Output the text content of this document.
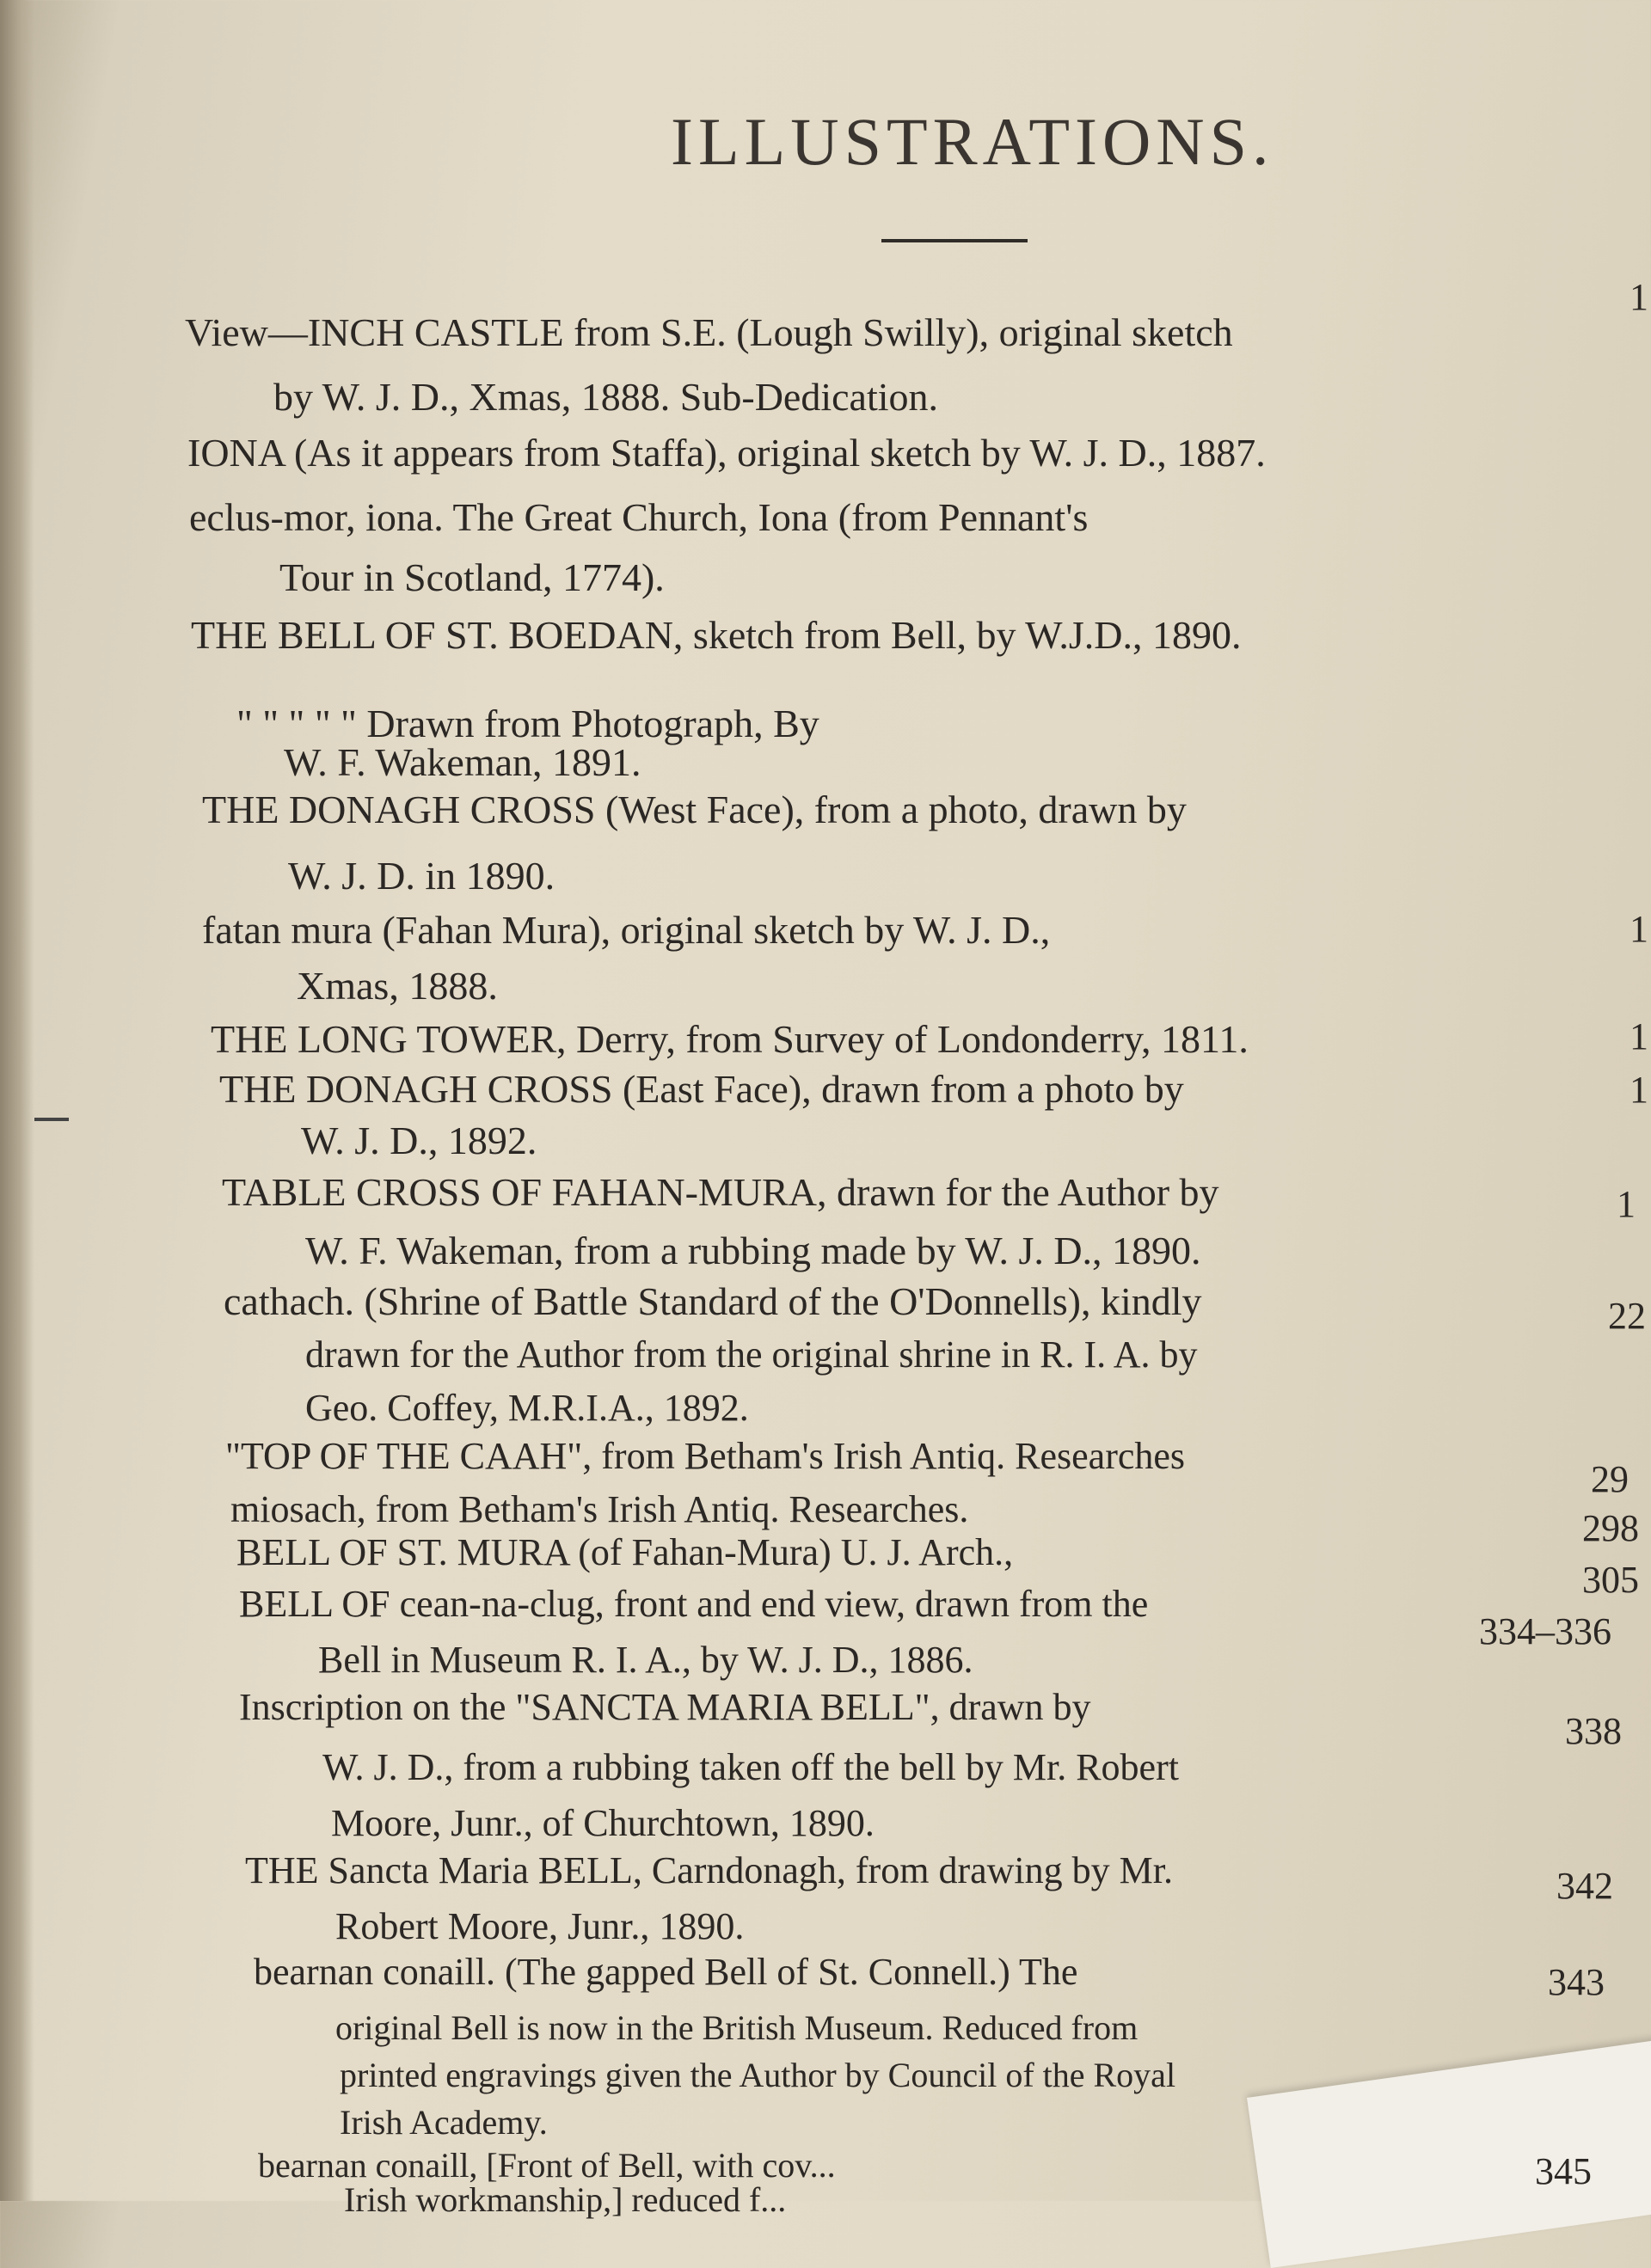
ILLUSTRATIONS.
View—INCH CASTLE from S.E. (Lough Swilly), original sketch
by W. J. D., Xmas, 1888. Sub-Dedication.
IONA (As it appears from Staffa), original sketch by W. J. D., 1887.
eclus-mor, iona. The Great Church, Iona (from Pennant's
Tour in Scotland, 1774).
THE BELL OF ST. BOEDAN, sketch from Bell, by W.J.D., 1890.
" " " " " Drawn from Photograph, By
W. F. Wakeman, 1891.
THE DONAGH CROSS (West Face), from a photo, drawn by
W. J. D. in 1890.
fatan mura (Fahan Mura), original sketch by W. J. D.,
Xmas, 1888.
THE LONG TOWER, Derry, from Survey of Londonderry, 1811.
THE DONAGH CROSS (East Face), drawn from a photo by
W. J. D., 1892.
TABLE CROSS OF FAHAN-MURA, drawn for the Author by
W. F. Wakeman, from a rubbing made by W. J. D., 1890.
cathach. (Shrine of Battle Standard of the O'Donnells), kindly
drawn for the Author from the original shrine in R. I. A. by
Geo. Coffey, M.R.I.A., 1892.
"TOP OF THE CAAH", from Betham's Irish Antiq. Researches
miosach, from Betham's Irish Antiq. Researches.
BELL OF ST. MURA (of Fahan-Mura) U. J. Arch.,
BELL OF cean-na-clug, front and end view, drawn from the
Bell in Museum R. I. A., by W. J. D., 1886.
Inscription on the "SANCTA MARIA BELL", drawn by
W. J. D., from a rubbing taken off the bell by Mr. Robert
Moore, Junr., of Churchtown, 1890.
THE Sancta Maria BELL, Carndonagh, from drawing by Mr.
Robert Moore, Junr., 1890.
bearnan conaill. (The gapped Bell of St. Connell.) The
original Bell is now in the British Museum. Reduced from
printed engravings given the Author by Council of the Royal
Irish Academy.
bearnan conaill, [Front of Bell, with cov...
Irish workmanship,] reduced f...
1
1
1
1
1
22
29
298
305
334–336
338
342
343
345
